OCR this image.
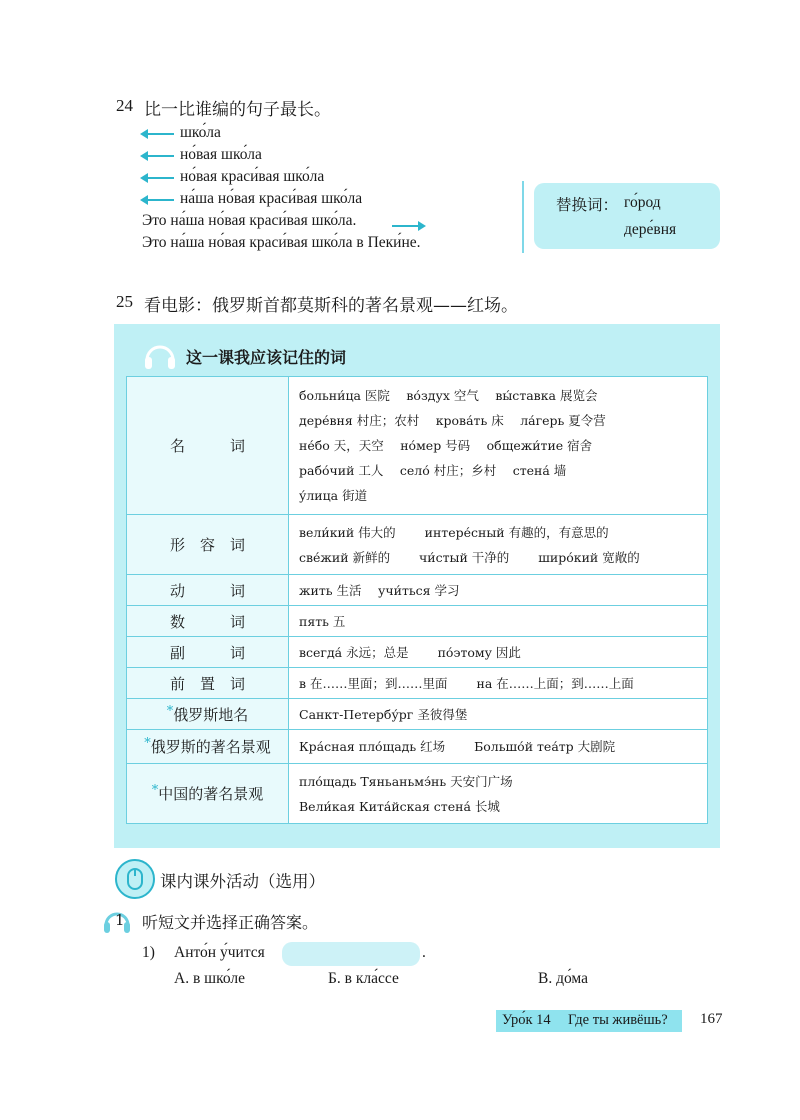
24 比一比谁编的句子最长。
шко́ла
но́вая шко́ла
но́вая краси́вая шко́ла
на́ша но́вая краси́вая шко́ла
Это на́ша но́вая краси́вая шко́ла.
Это на́ша но́вая краси́вая шко́ла в Пеки́не.
替换词： го́род
дере́вня
25 看电影：俄罗斯首都莫斯科的著名景观——红场。
这一课我应该记住的词
名　　　词	больни́ца 医院　 во́здух 空气　 вы́ставка 展览会
дере́вня 村庄；农村　 крова́ть 床　 ла́герь 夏令营
не́бо 天，天空　 но́мер 号码　 общежи́тие 宿舍
рабо́чий 工人　 село́ 村庄；乡村　 стена́ 墙
у́лица 街道

形　容　词	вели́кий 伟大的　　 интере́сный 有趣的，有意思的
све́жий 新鲜的　　 чи́стый 干净的　　 широ́кий 宽敞的

动　　　词	жить 生活　 учи́ться 学习

数　　　词	пять 五

副　　　词	всегда́ 永远；总是　　 по́этому 因此

前　置　词	в 在……里面；到……里面　　 на 在……上面；到……上面

*俄罗斯地名	Санкт-Петербу́рг 圣彼得堡

*俄罗斯的著名景观	Кра́сная пло́щадь 红场　　 Большо́й теа́тр 大剧院

*中国的著名景观	пло́щадь Тяньаньмэ́нь 天安门广场
Вели́кая Кита́йская стена́ 长城
课内课外活动（选用）
1 听短文并选择正确答案。
1) Анто́н у́чится	.
А. в шко́ле	Б. в кла́ссе	В. до́ма
Уро́к 14 Где ты живёшь? 167
